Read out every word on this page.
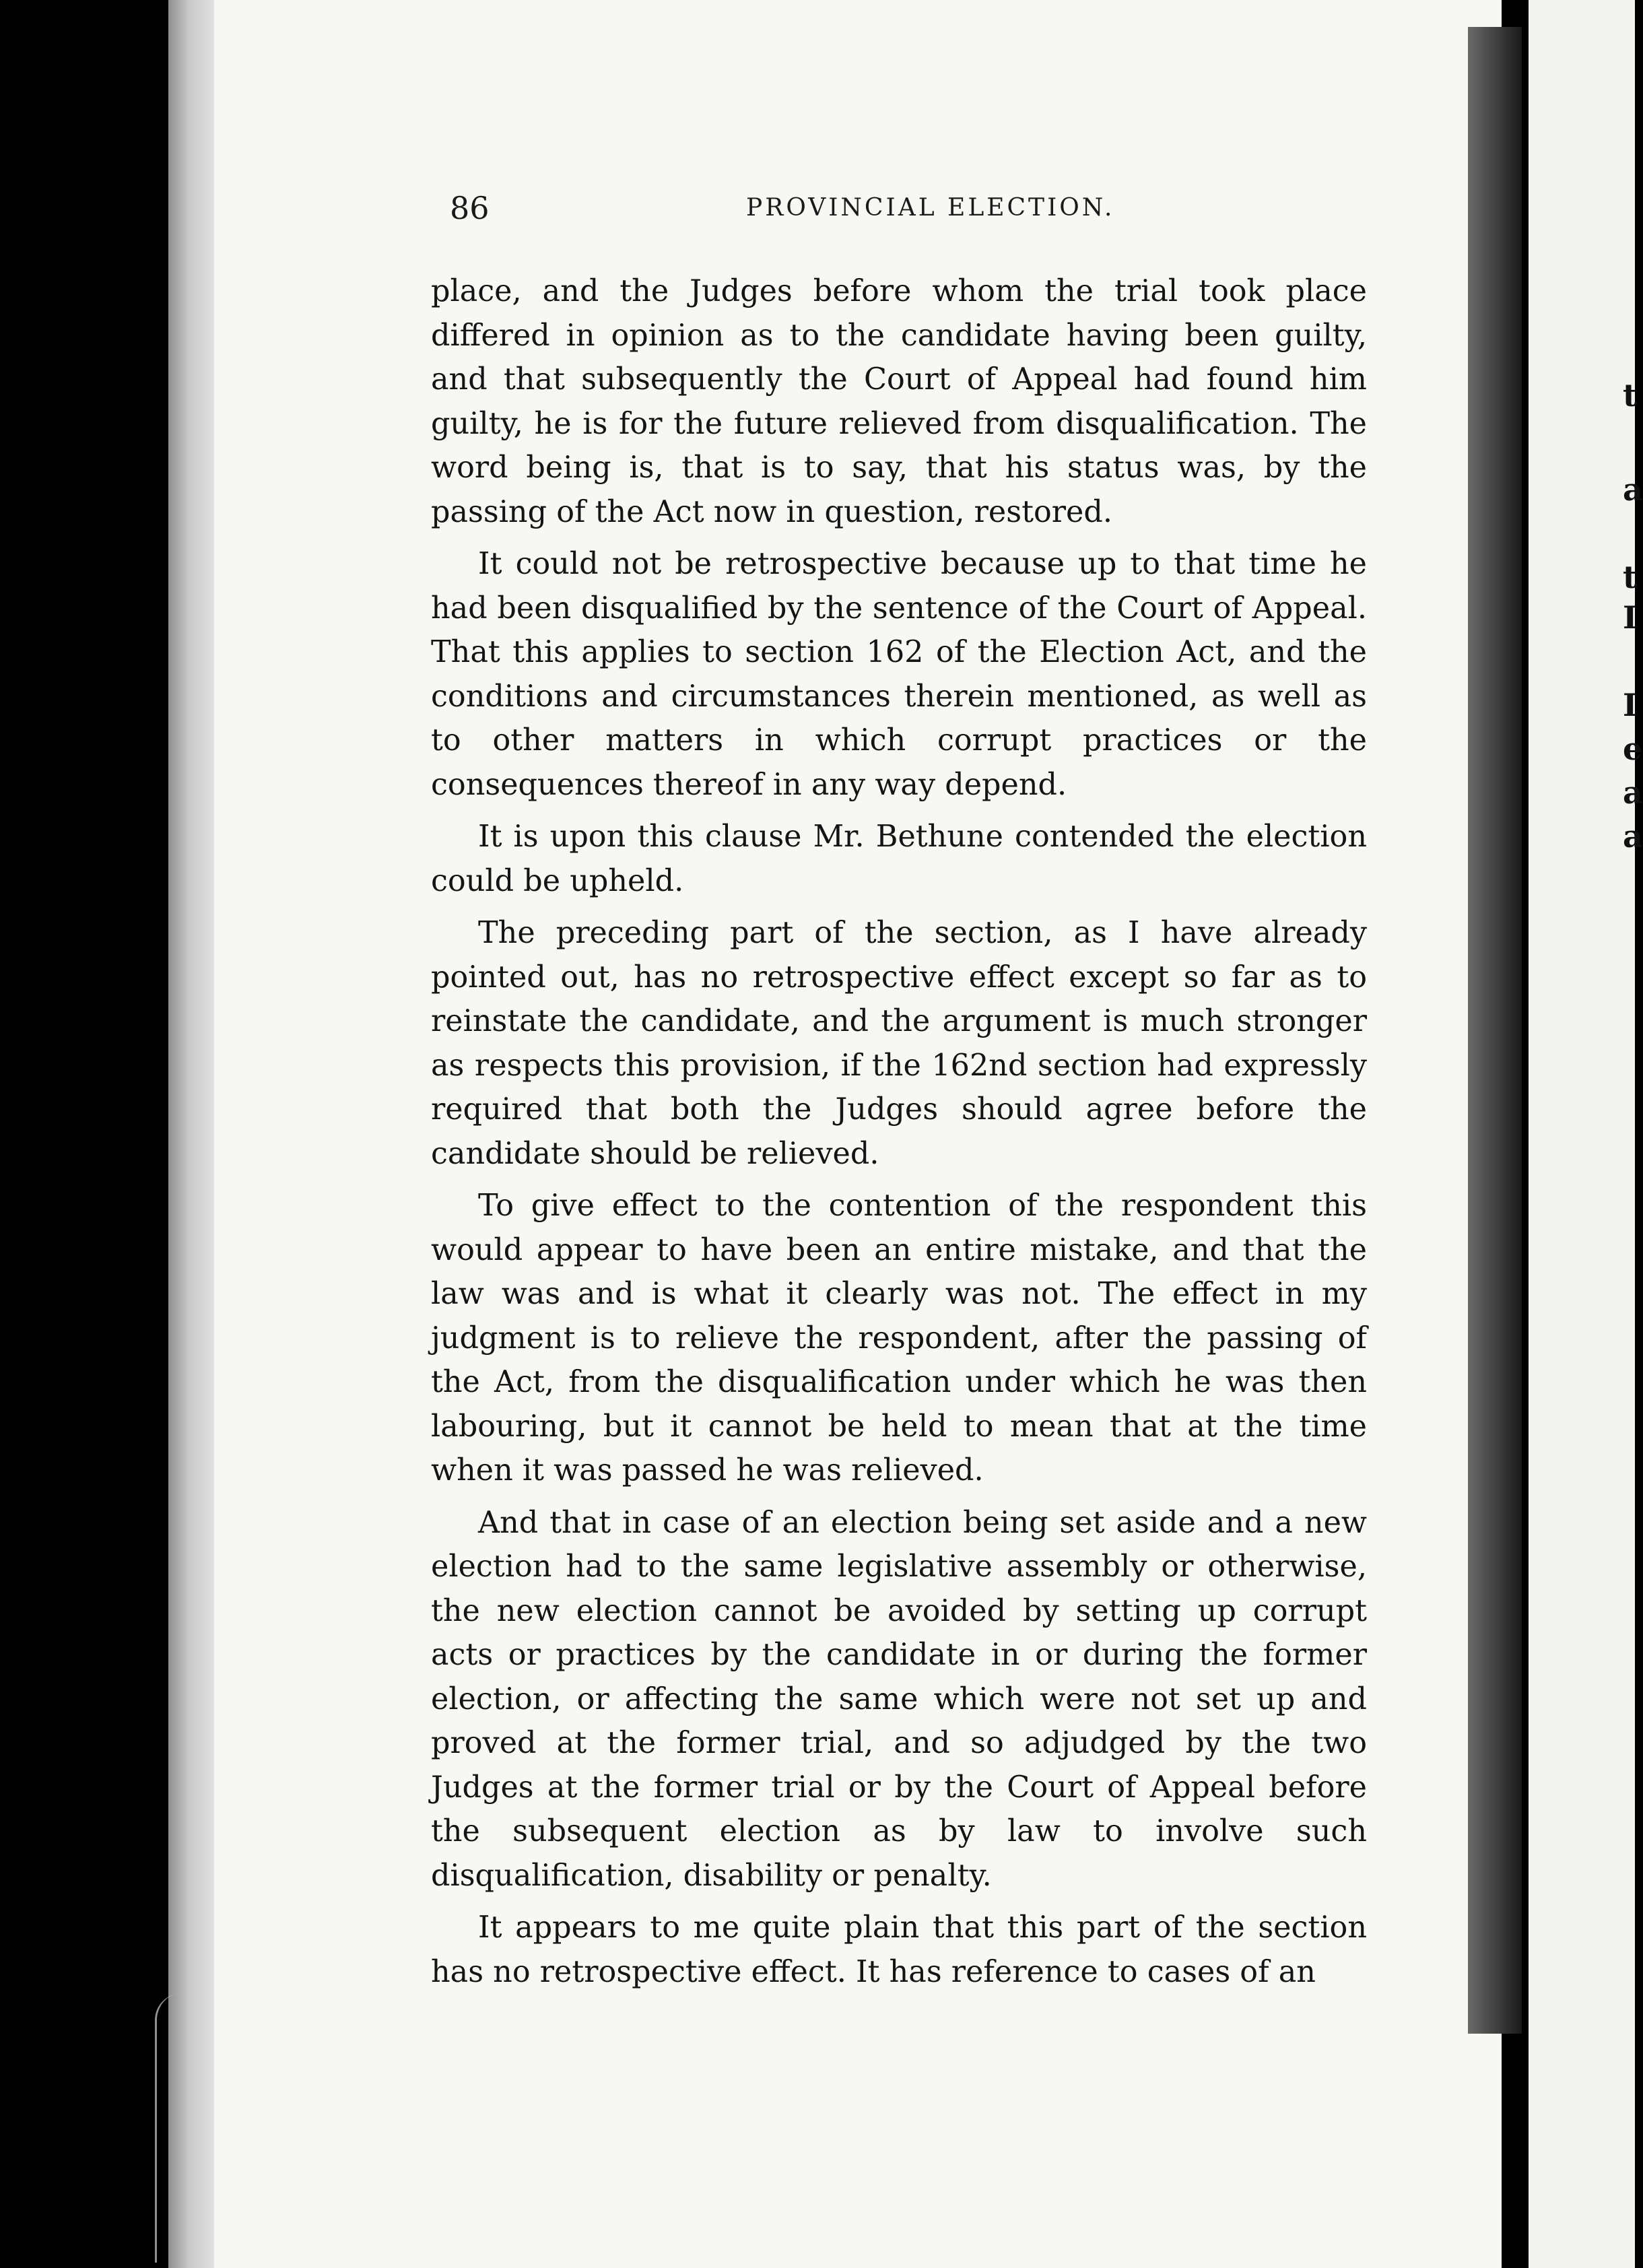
t
a
t
I
I
e
a
a
86	PROVINCIAL ELECTION.

place, and the Judges before whom the trial took place differed in opinion as to the candidate having been guilty, and that subsequently the Court of Appeal had found him guilty, he is for the future relieved from disqualification. The word being is, that is to say, that his status was, by the passing of the Act now in question, restored.

It could not be retrospective because up to that time he had been disqualified by the sentence of the Court of Appeal. That this applies to section 162 of the Election Act, and the conditions and circumstances therein mentioned, as well as to other matters in which corrupt practices or the consequences thereof in any way depend.

It is upon this clause Mr. Bethune contended the election could be upheld.

The preceding part of the section, as I have already pointed out, has no retrospective effect except so far as to reinstate the candidate, and the argument is much stronger as respects this provision, if the 162nd section had expressly required that both the Judges should agree before the candidate should be relieved.

To give effect to the contention of the respondent this would appear to have been an entire mistake, and that the law was and is what it clearly was not. The effect in my judgment is to relieve the respondent, after the passing of the Act, from the disqualification under which he was then labouring, but it cannot be held to mean that at the time when it was passed he was relieved.

And that in case of an election being set aside and a new election had to the same legislative assembly or otherwise, the new election cannot be avoided by setting up corrupt acts or practices by the candidate in or during the former election, or affecting the same which were not set up and proved at the former trial, and so adjudged by the two Judges at the former trial or by the Court of Appeal before the subsequent election as by law to involve such disqualification, disability or penalty.

It appears to me quite plain that this part of the section has no retrospective effect. It has reference to cases of an
